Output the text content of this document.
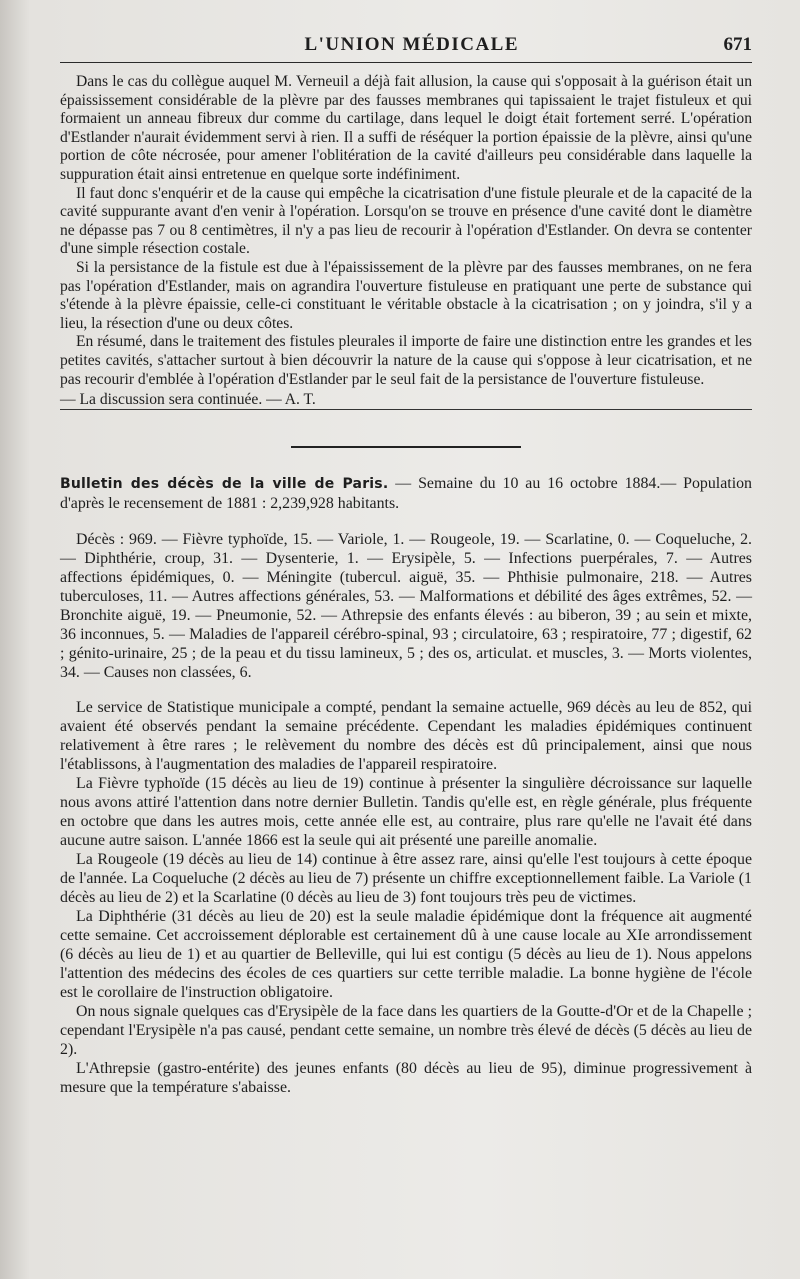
L'UNION MÉDICALE	671

Dans le cas du collègue auquel M. Verneuil a déjà fait allusion, la cause qui s'opposait à la guérison était un épaississement considérable de la plèvre par des fausses membranes qui tapissaient le trajet fistuleux et qui formaient un anneau fibreux dur comme du cartilage, dans lequel le doigt était fortement serré. L'opération d'Estlander n'aurait évidemment servi à rien. Il a suffi de réséquer la portion épaissie de la plèvre, ainsi qu'une portion de côte nécrosée, pour amener l'oblitération de la cavité d'ailleurs peu considérable dans laquelle la suppuration était ainsi entretenue en quelque sorte indéfiniment.

Il faut donc s'enquérir et de la cause qui empêche la cicatrisation d'une fistule pleurale et de la capacité de la cavité suppurante avant d'en venir à l'opération. Lorsqu'on se trouve en présence d'une cavité dont le diamètre ne dépasse pas 7 ou 8 centimètres, il n'y a pas lieu de recourir à l'opération d'Estlander. On devra se contenter d'une simple résection costale.

Si la persistance de la fistule est due à l'épaississement de la plèvre par des fausses membranes, on ne fera pas l'opération d'Estlander, mais on agrandira l'ouverture fistuleuse en pratiquant une perte de substance qui s'étende à la plèvre épaissie, celle-ci constituant le véritable obstacle à la cicatrisation ; on y joindra, s'il y a lieu, la résection d'une ou deux côtes.

En résumé, dans le traitement des fistules pleurales il importe de faire une distinction entre les grandes et les petites cavités, s'attacher surtout à bien découvrir la nature de la cause qui s'oppose à leur cicatrisation, et ne pas recourir d'emblée à l'opération d'Estlander par le seul fait de la persistance de l'ouverture fistuleuse.

— La discussion sera continuée. — A. T.

Bulletin des décès de la ville de Paris. — Semaine du 10 au 16 octobre 1884.— Population d'après le recensement de 1881 : 2,239,928 habitants.

Décès : 969. — Fièvre typhoïde, 15. — Variole, 1. — Rougeole, 19. — Scarlatine, 0. — Coqueluche, 2. — Diphthérie, croup, 31. — Dysenterie, 1. — Erysipèle, 5. — Infections puerpérales, 7. — Autres affections épidémiques, 0. — Méningite (tubercul. aiguë, 35. — Phthisie pulmonaire, 218. — Autres tuberculoses, 11. — Autres affections générales, 53. — Malformations et débilité des âges extrêmes, 52. — Bronchite aiguë, 19. — Pneumonie, 52. — Athrepsie des enfants élevés : au biberon, 39 ; au sein et mixte, 36 inconnues, 5. — Maladies de l'appareil cérébro-spinal, 93 ; circulatoire, 63 ; respiratoire, 77 ; digestif, 62 ; génito-urinaire, 25 ; de la peau et du tissu lamineux, 5 ; des os, articulat. et muscles, 3. — Morts violentes, 34. — Causes non classées, 6.

Le service de Statistique municipale a compté, pendant la semaine actuelle, 969 décès au leu de 852, qui avaient été observés pendant la semaine précédente. Cependant les maladies épidémiques continuent relativement à être rares ; le relèvement du nombre des décès est dû principalement, ainsi que nous l'établissons, à l'augmentation des maladies de l'appareil respiratoire.

La Fièvre typhoïde (15 décès au lieu de 19) continue à présenter la singulière décroissance sur laquelle nous avons attiré l'attention dans notre dernier Bulletin. Tandis qu'elle est, en règle générale, plus fréquente en octobre que dans les autres mois, cette année elle est, au contraire, plus rare qu'elle ne l'avait été dans aucune autre saison. L'année 1866 est la seule qui ait présenté une pareille anomalie.

La Rougeole (19 décès au lieu de 14) continue à être assez rare, ainsi qu'elle l'est toujours à cette époque de l'année. La Coqueluche (2 décès au lieu de 7) présente un chiffre exceptionnellement faible. La Variole (1 décès au lieu de 2) et la Scarlatine (0 décès au lieu de 3) font toujours très peu de victimes.

La Diphthérie (31 décès au lieu de 20) est la seule maladie épidémique dont la fréquence ait augmenté cette semaine. Cet accroissement déplorable est certainement dû à une cause locale au XIe arrondissement (6 décès au lieu de 1) et au quartier de Belleville, qui lui est contigu (5 décès au lieu de 1). Nous appelons l'attention des médecins des écoles de ces quartiers sur cette terrible maladie. La bonne hygiène de l'école est le corollaire de l'instruction obligatoire.

On nous signale quelques cas d'Erysipèle de la face dans les quartiers de la Goutte-d'Or et de la Chapelle ; cependant l'Erysipèle n'a pas causé, pendant cette semaine, un nombre très élevé de décès (5 décès au lieu de 2).

L'Athrepsie (gastro-entérite) des jeunes enfants (80 décès au lieu de 95), diminue progressivement à mesure que la température s'abaisse.
